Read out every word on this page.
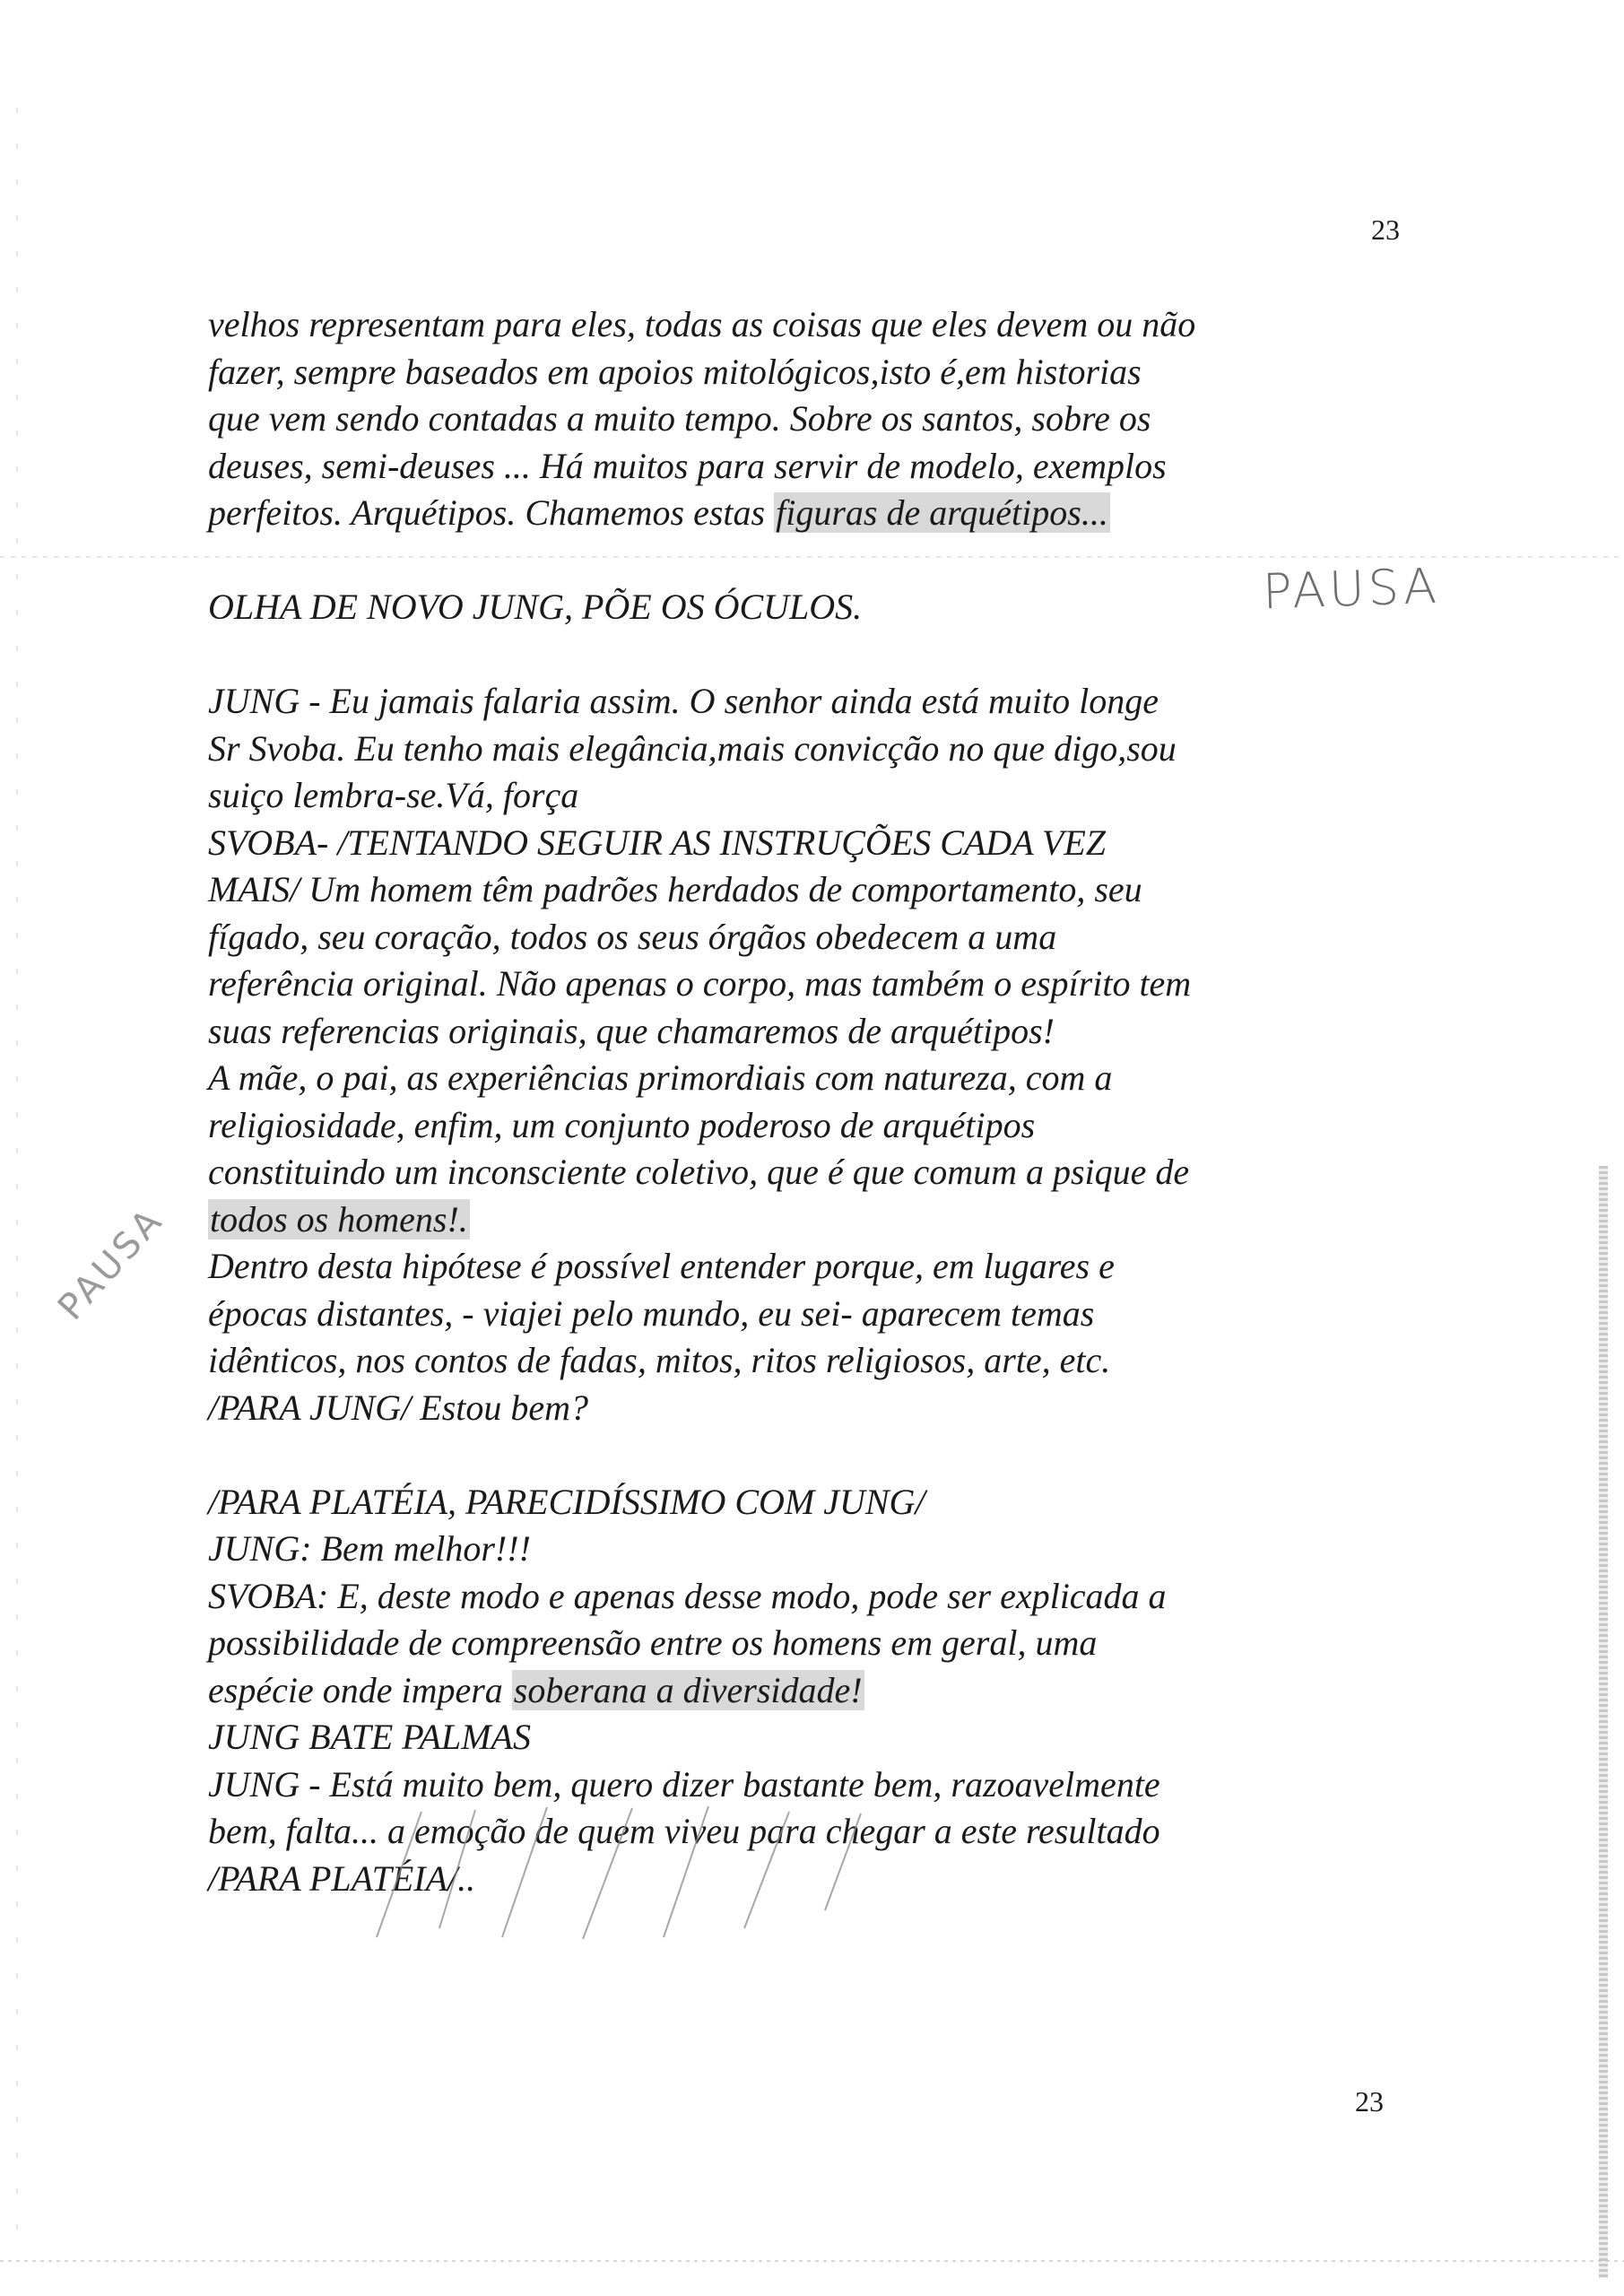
23
velhos representam para eles, todas as coisas que eles devem ou não
fazer, sempre baseados em apoios mitológicos,isto é,em historias
que vem sendo contadas a muito tempo. Sobre os santos, sobre os
deuses, semi-deuses ... Há muitos para servir de modelo, exemplos
perfeitos. Arquétipos. Chamemos estas figuras de arquétipos...
OLHA DE NOVO JUNG, PÕE OS ÓCULOS.
JUNG - Eu jamais falaria assim. O senhor ainda está muito longe
Sr Svoba. Eu tenho mais elegância,mais convicção no que digo,sou
suiço lembra-se.Vá, força
SVOBA- /TENTANDO SEGUIR AS INSTRUÇÕES CADA VEZ
MAIS/ Um homem têm padrões herdados de comportamento, seu
fígado, seu coração, todos os seus órgãos obedecem a uma
referência original. Não apenas o corpo, mas também o espírito tem
suas referencias originais, que chamaremos de arquétipos!
A mãe, o pai, as experiências primordiais com natureza, com a
religiosidade, enfim, um conjunto poderoso de arquétipos
constituindo um inconsciente coletivo, que é que comum a psique de
todos os homens!.
Dentro desta hipótese é possível entender porque, em lugares e
épocas distantes, - viajei pelo mundo, eu sei- aparecem temas
idênticos, nos contos de fadas, mitos, ritos religiosos, arte, etc.
/PARA JUNG/ Estou bem?
/PARA PLATÉIA, PARECIDÍSSIMO COM JUNG/
JUNG: Bem melhor!!!
SVOBA: E, deste modo e apenas desse modo, pode ser explicada a
possibilidade de compreensão entre os homens em geral, uma
espécie onde impera soberana a diversidade!
JUNG BATE PALMAS
JUNG - Está muito bem, quero dizer bastante bem, razoavelmente
bem, falta... a emoção de quem viveu para chegar a este resultado
/PARA PLATÉIA/..
PAUSA
PAUSA
23
